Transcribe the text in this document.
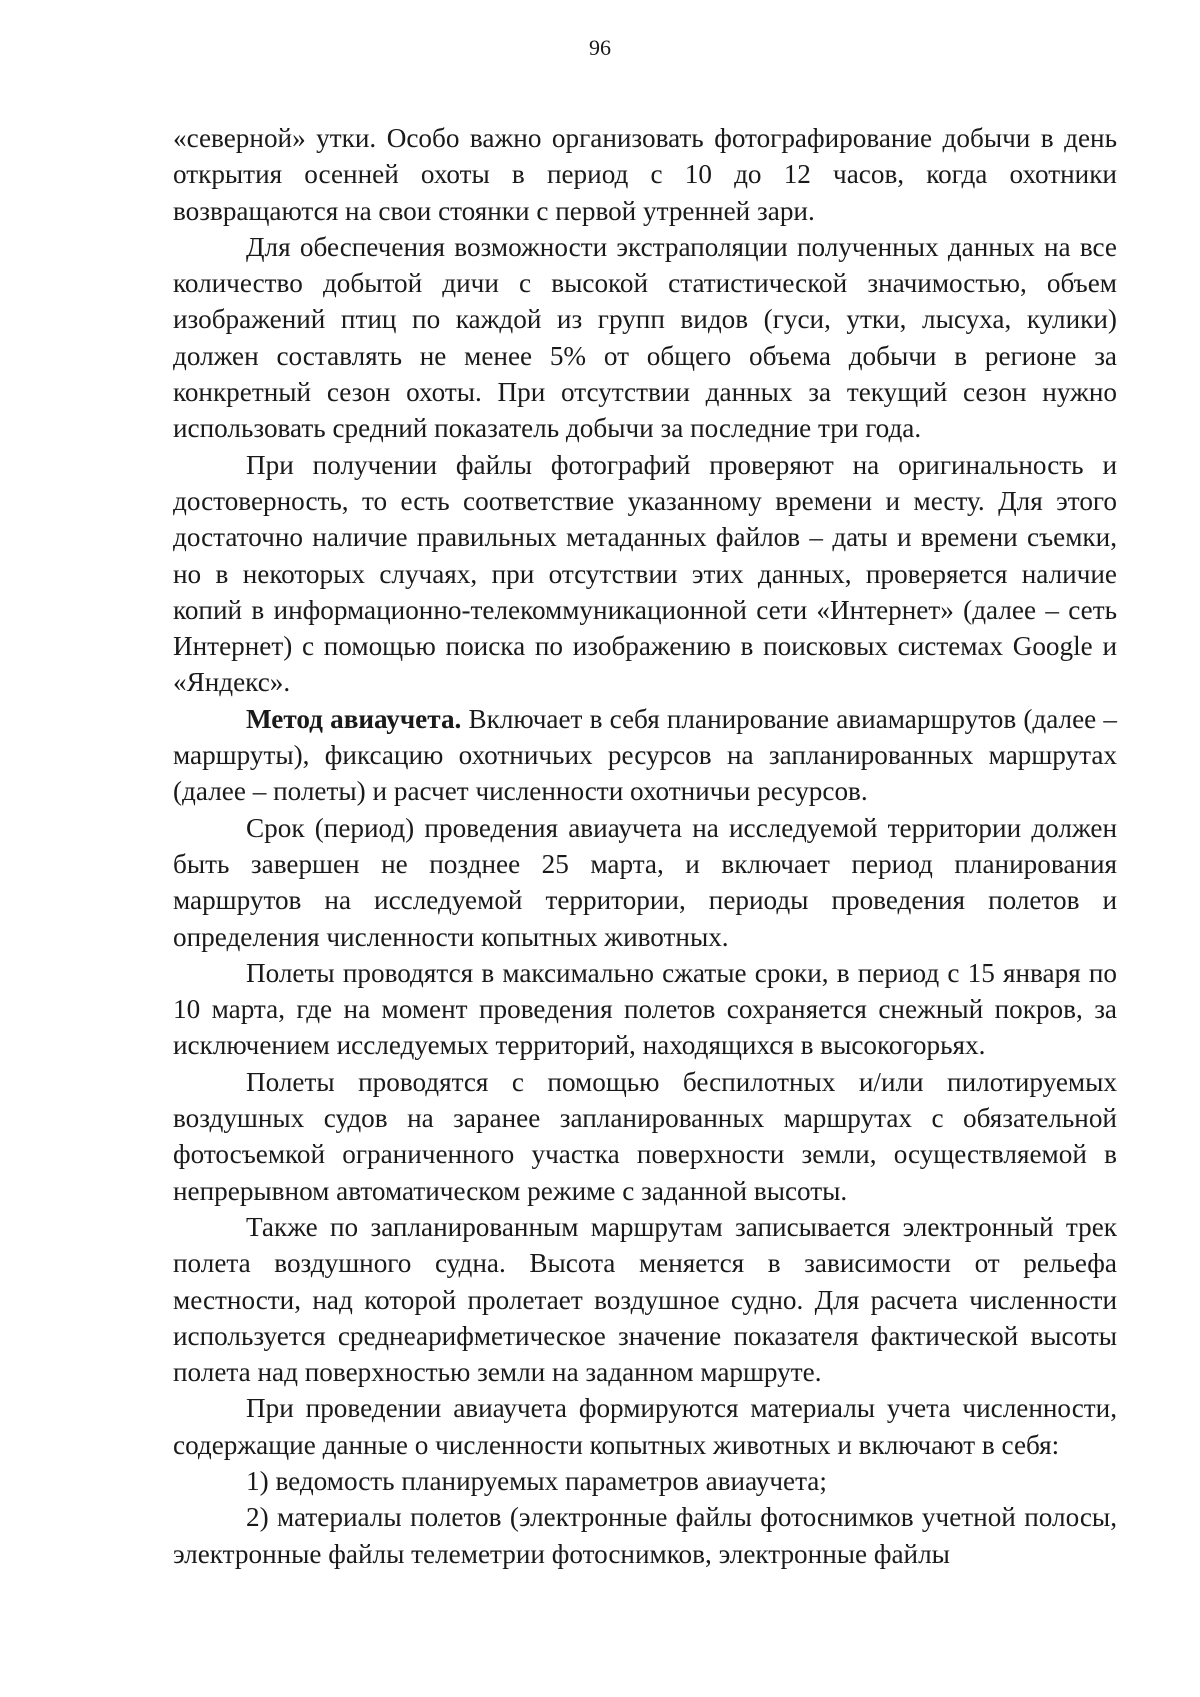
96

«северной» утки. Особо важно организовать фотографирование добычи в день открытия осенней охоты в период с 10 до 12 часов, когда охотники возвращаются на свои стоянки с первой утренней зари.

Для обеспечения возможности экстраполяции полученных данных на все количество добытой дичи с высокой статистической значимостью, объем изображений птиц по каждой из групп видов (гуси, утки, лысуха, кулики) должен составлять не менее 5% от общего объема добычи в регионе за конкретный сезон охоты. При отсутствии данных за текущий сезон нужно использовать средний показатель добычи за последние три года.

При получении файлы фотографий проверяют на оригинальность и достоверность, то есть соответствие указанному времени и месту. Для этого достаточно наличие правильных метаданных файлов – даты и времени съемки, но в некоторых случаях, при отсутствии этих данных, проверяется наличие копий в информационно-телекоммуникационной сети «Интернет» (далее – сеть Интернет) с помощью поиска по изображению в поисковых системах Google и «Яндекс».

Метод авиаучета. Включает в себя планирование авиамаршрутов (далее – маршруты), фиксацию охотничьих ресурсов на запланированных маршрутах (далее – полеты) и расчет численности охотничьи ресурсов.

Срок (период) проведения авиаучета на исследуемой территории должен быть завершен не позднее 25 марта, и включает период планирования маршрутов на исследуемой территории, периоды проведения полетов и определения численности копытных животных.

Полеты проводятся в максимально сжатые сроки, в период с 15 января по 10 марта, где на момент проведения полетов сохраняется снежный покров, за исключением исследуемых территорий, находящихся в высокогорьях.

Полеты проводятся с помощью беспилотных и/или пилотируемых воздушных судов на заранее запланированных маршрутах с обязательной фотосъемкой ограниченного участка поверхности земли, осуществляемой в непрерывном автоматическом режиме с заданной высоты.

Также по запланированным маршрутам записывается электронный трек полета воздушного судна. Высота меняется в зависимости от рельефа местности, над которой пролетает воздушное судно. Для расчета численности используется среднеарифметическое значение показателя фактической высоты полета над поверхностью земли на заданном маршруте.

При проведении авиаучета формируются материалы учета численности, содержащие данные о численности копытных животных и включают в себя:

1) ведомость планируемых параметров авиаучета;

2) материалы полетов (электронные файлы фотоснимков учетной полосы, электронные файлы телеметрии фотоснимков, электронные файлы
